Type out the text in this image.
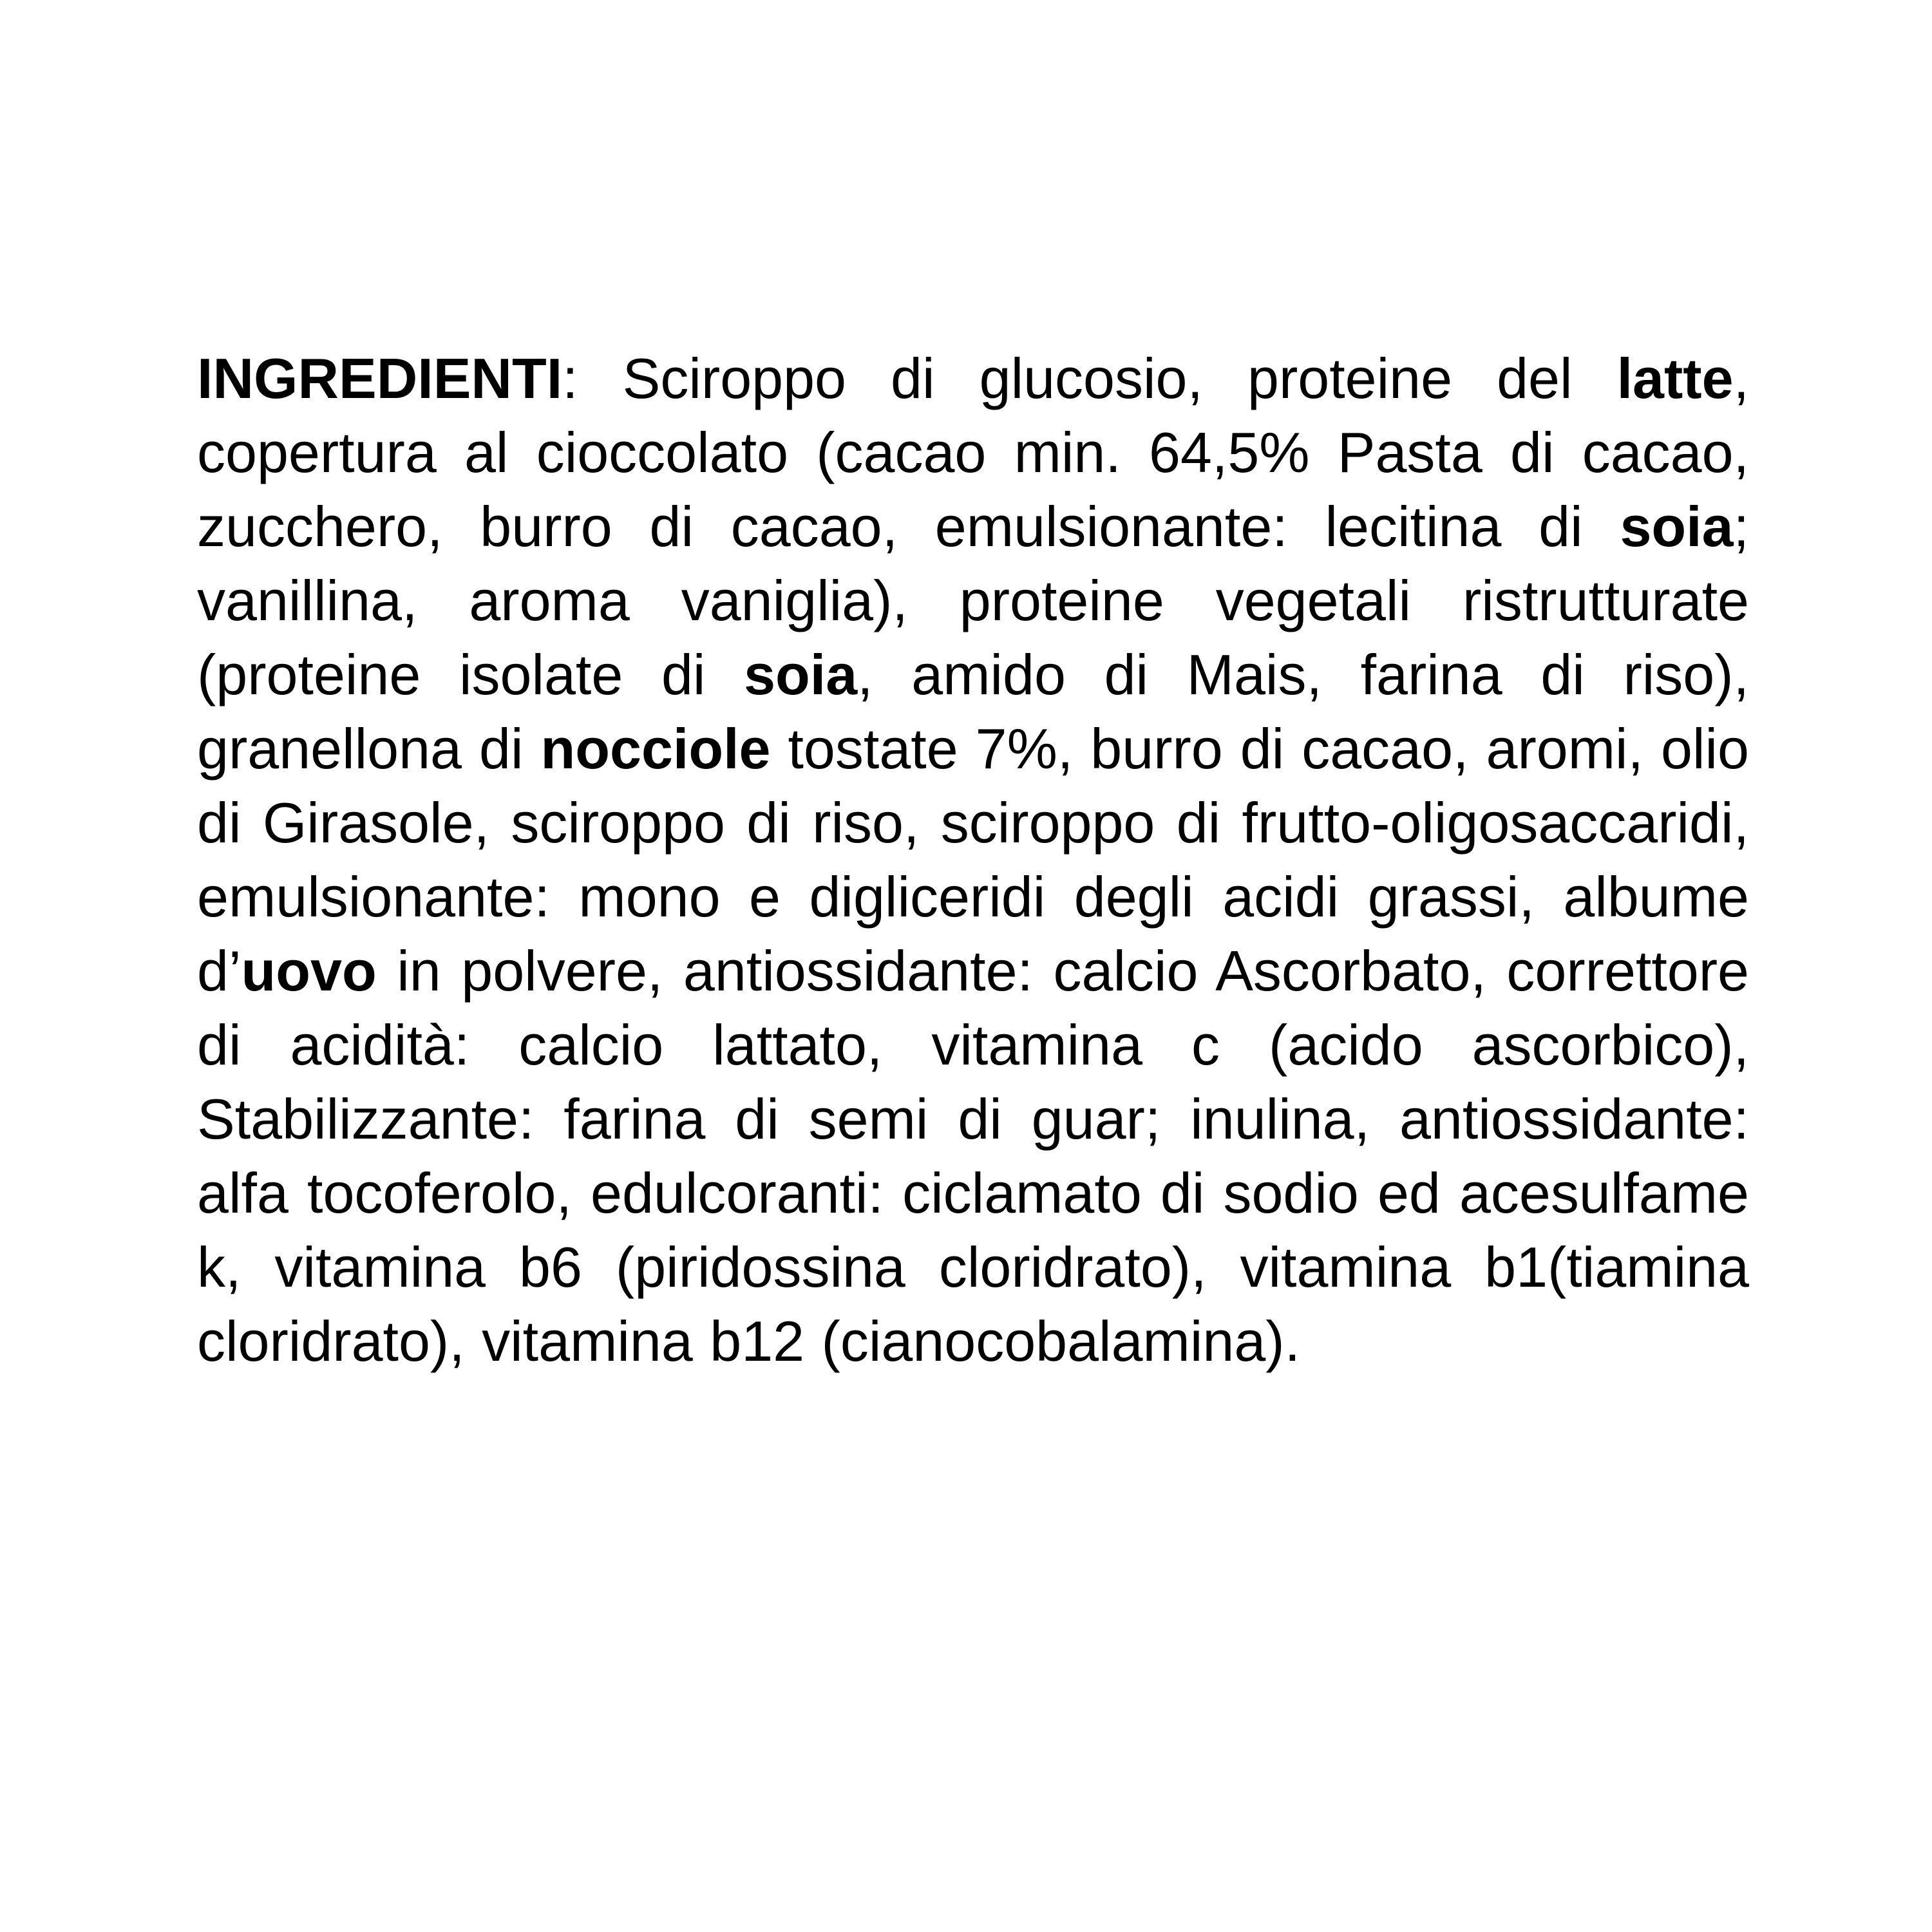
INGREDIENTI: Sciroppo di glucosio, proteine del latte, copertura al cioccolato (cacao min. 64,5% Pasta di cacao, zucchero, burro di cacao, emulsionante: lecitina di soia; vanillina, aroma vaniglia), proteine vegetali ristrutturate (proteine isolate di soia, amido di Mais, farina di riso), granellona di nocciole tostate 7%, burro di cacao, aromi, olio di Girasole, sciroppo di riso, sciroppo di frutto-oligosaccaridi, emulsionante: mono e digliceridi degli acidi grassi, albume d’uovo in polvere, antiossidante: calcio Ascorbato, correttore di acidità: calcio lattato, vitamina c (acido ascorbico), Stabilizzante: farina di semi di guar; inulina, antiossidante: alfa tocoferolo, edulcoranti: ciclamato di sodio ed acesulfame k, vitamina b6 (piridossina cloridrato), vitamina b1(tiamina cloridrato), vitamina b12 (cianocobalamina).
